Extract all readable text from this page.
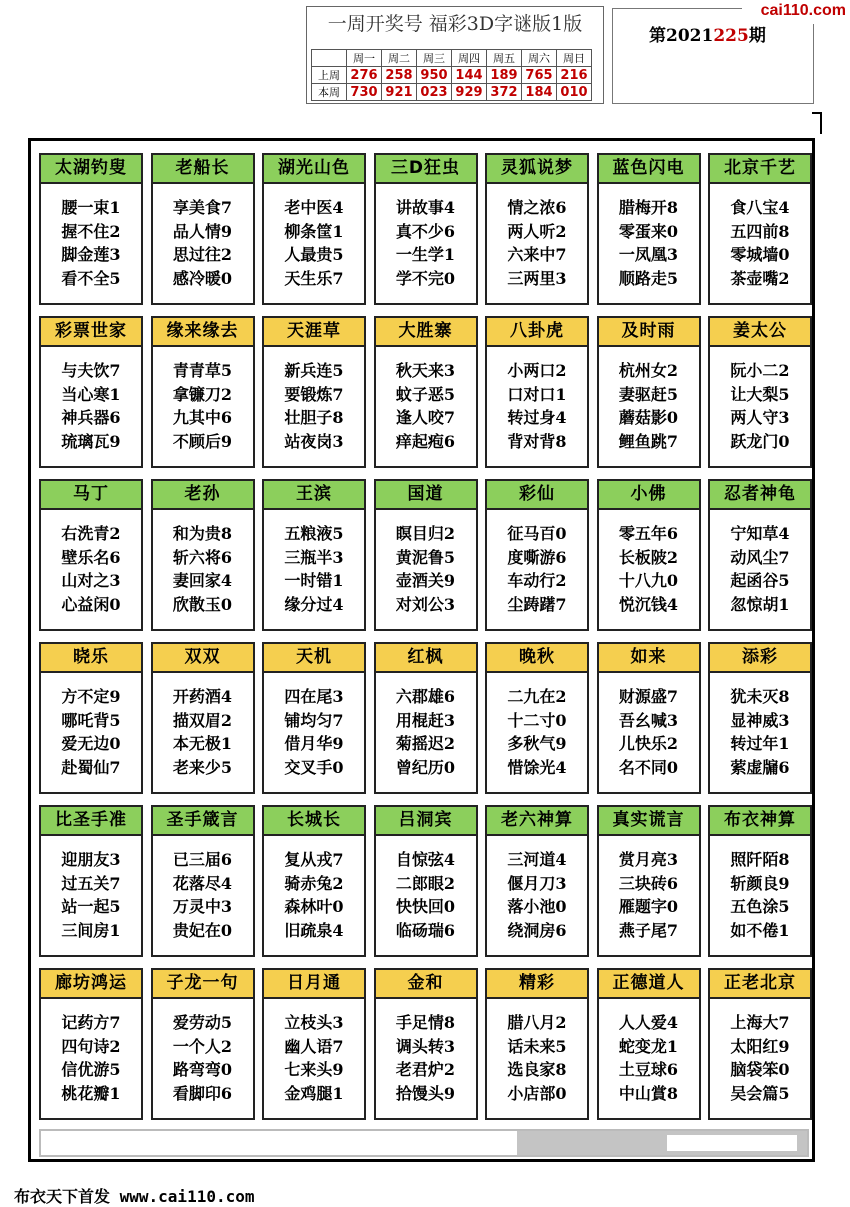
一周开奖号 福彩3D字谜版1版
	周一	周二	周三	周四	周五	周六	周日
上周	276	258	950	144	189	765	216
本周	730	921	023	929	372	184	010
第2021225期
cai110.com
太湖钓叟
腰一束1
握不住2
脚金莲3
看不全5
老船长
享美食7
品人情9
思过往2
感冷暖0
湖光山色
老中医4
柳条筐1
人最贵5
天生乐7
三D狂虫
讲故事4
真不少6
一生学1
学不完0
灵狐说梦
情之浓6
两人听2
六来中7
三两里3
蓝色闪电
腊梅开8
零蛋来0
一凤凰3
顺路走5
北京千艺
食八宝4
五四前8
零城墙0
茶壶嘴2
彩票世家
与夫饮7
当心寒1
神兵器6
琉璃瓦9
缘来缘去
青青草5
拿镰刀2
九其中6
不顾后9
天涯草
新兵连5
要锻炼7
壮胆子8
站夜岗3
大胜寨
秋天来3
蚊子恶5
逢人咬7
痒起疱6
八卦虎
小两口2
口对口1
转过身4
背对背8
及时雨
杭州女2
妻驱赶5
蘑菇影0
鲤鱼跳7
姜太公
阮小二2
让大梨5
两人守3
跃龙门0
马丁
右洗青2
壁乐名6
山对之3
心益闲0
老孙
和为贵8
斩六将6
妻回家4
欣散玉0
王滨
五粮液5
三瓶半3
一时错1
缘分过4
国道
瞑目归2
黄泥鲁5
壶酒关9
对刘公3
彩仙
征马百0
度嘶游6
车动行2
尘踌躇7
小佛
零五年6
长板陂2
十八九0
悦沉钱4
忍者神龟
宁知草4
动风尘7
起函谷5
忽惊胡1
晓乐
方不定9
哪吒背5
爱无边0
赴蜀仙7
双双
开药酒4
描双眉2
本无极1
老来少5
天机
四在尾3
铺均匀7
借月华9
交叉手0
红枫
六郡雄6
用棍赶3
菊摇迟2
曾纪历0
晚秋
二九在2
十二寸0
多秋气9
惜馀光4
如来
财源盛7
吾幺喊3
儿快乐2
名不同0
添彩
犹未灭8
显神威3
转过年1
萦虚牖6
比圣手准
迎朋友3
过五关7
站一起5
三间房1
圣手箴言
已三届6
花落尽4
万灵中3
贵妃在0
长城长
复从戎7
骑赤兔2
森林叶0
旧疏泉4
吕洞宾
自惊弦4
二郎眼2
快快回0
临砀瑞6
老六神算
三河道4
偃月刀3
落小池0
绕洞房6
真实谎言
赏月亮3
三块砖6
雁题字0
燕子尾7
布衣神算
照阡陌8
斩颜良9
五色涂5
如不倦1
廊坊鸿运
记药方7
四句诗2
信优游5
桃花瓣1
子龙一句
爱劳动5
一个人2
路弯弯0
看脚印6
日月通
立枝头3
幽人语7
七来头9
金鸡腿1
金和
手足情8
调头转3
老君炉2
拾馒头9
精彩
腊八月2
话未来5
选良家8
小店部0
正德道人
人人爱4
蛇变龙1
土豆球6
中山賞8
正老北京
上海大7
太阳红9
脑袋笨0
吴会篇5
布衣天下首发 www.cai110.com
